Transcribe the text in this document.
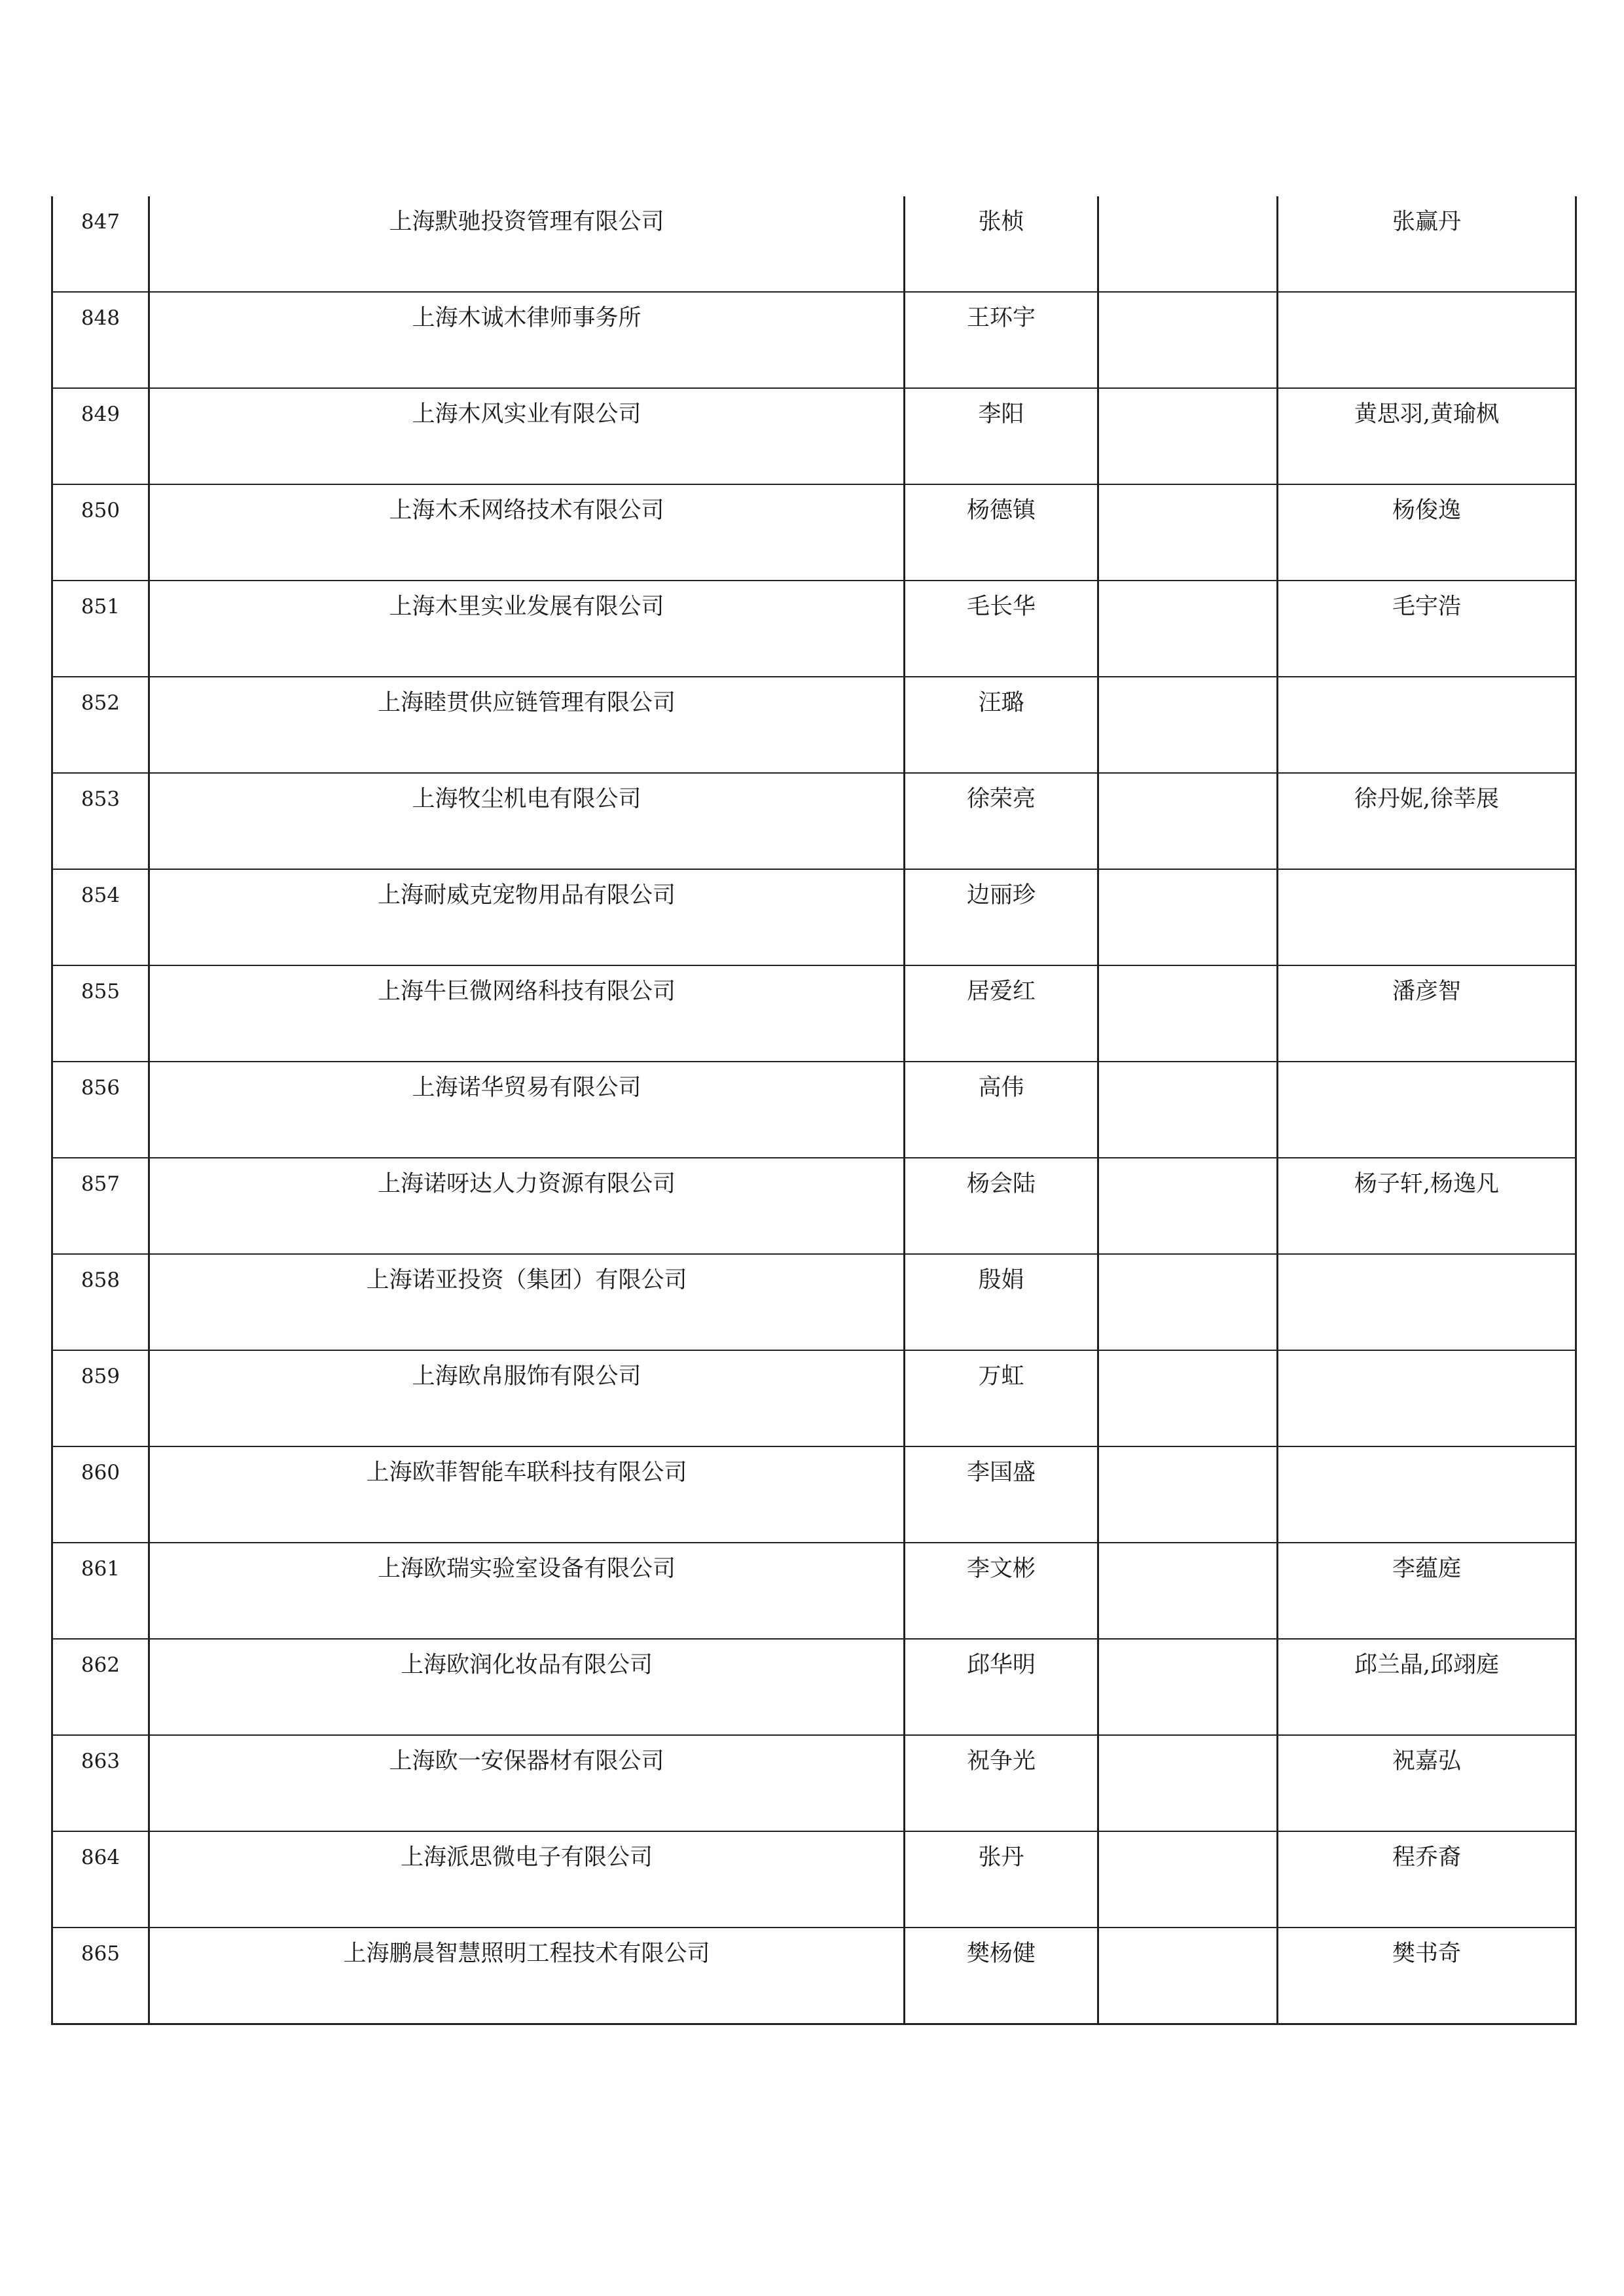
847	上海默驰投资管理有限公司	张桢		张赢丹

848	上海木诚木律师事务所	王环宇		

849	上海木风实业有限公司	李阳		黄思羽,黄瑜枫

850	上海木禾网络技术有限公司	杨德镇		杨俊逸

851	上海木里实业发展有限公司	毛长华		毛宇浩

852	上海睦贯供应链管理有限公司	汪璐		

853	上海牧尘机电有限公司	徐荣亮		徐丹妮,徐莘展

854	上海耐威克宠物用品有限公司	边丽珍		

855	上海牛巨微网络科技有限公司	居爱红		潘彦智

856	上海诺华贸易有限公司	高伟		

857	上海诺呀达人力资源有限公司	杨会陆		杨子轩,杨逸凡

858	上海诺亚投资（集团）有限公司	殷娟		

859	上海欧帛服饰有限公司	万虹		

860	上海欧菲智能车联科技有限公司	李国盛		

861	上海欧瑞实验室设备有限公司	李文彬		李蕴庭

862	上海欧润化妆品有限公司	邱华明		邱兰晶,邱翊庭

863	上海欧一安保器材有限公司	祝争光		祝嘉弘

864	上海派思微电子有限公司	张丹		程乔裔

865	上海鹏晨智慧照明工程技术有限公司	樊杨健		樊书奇
